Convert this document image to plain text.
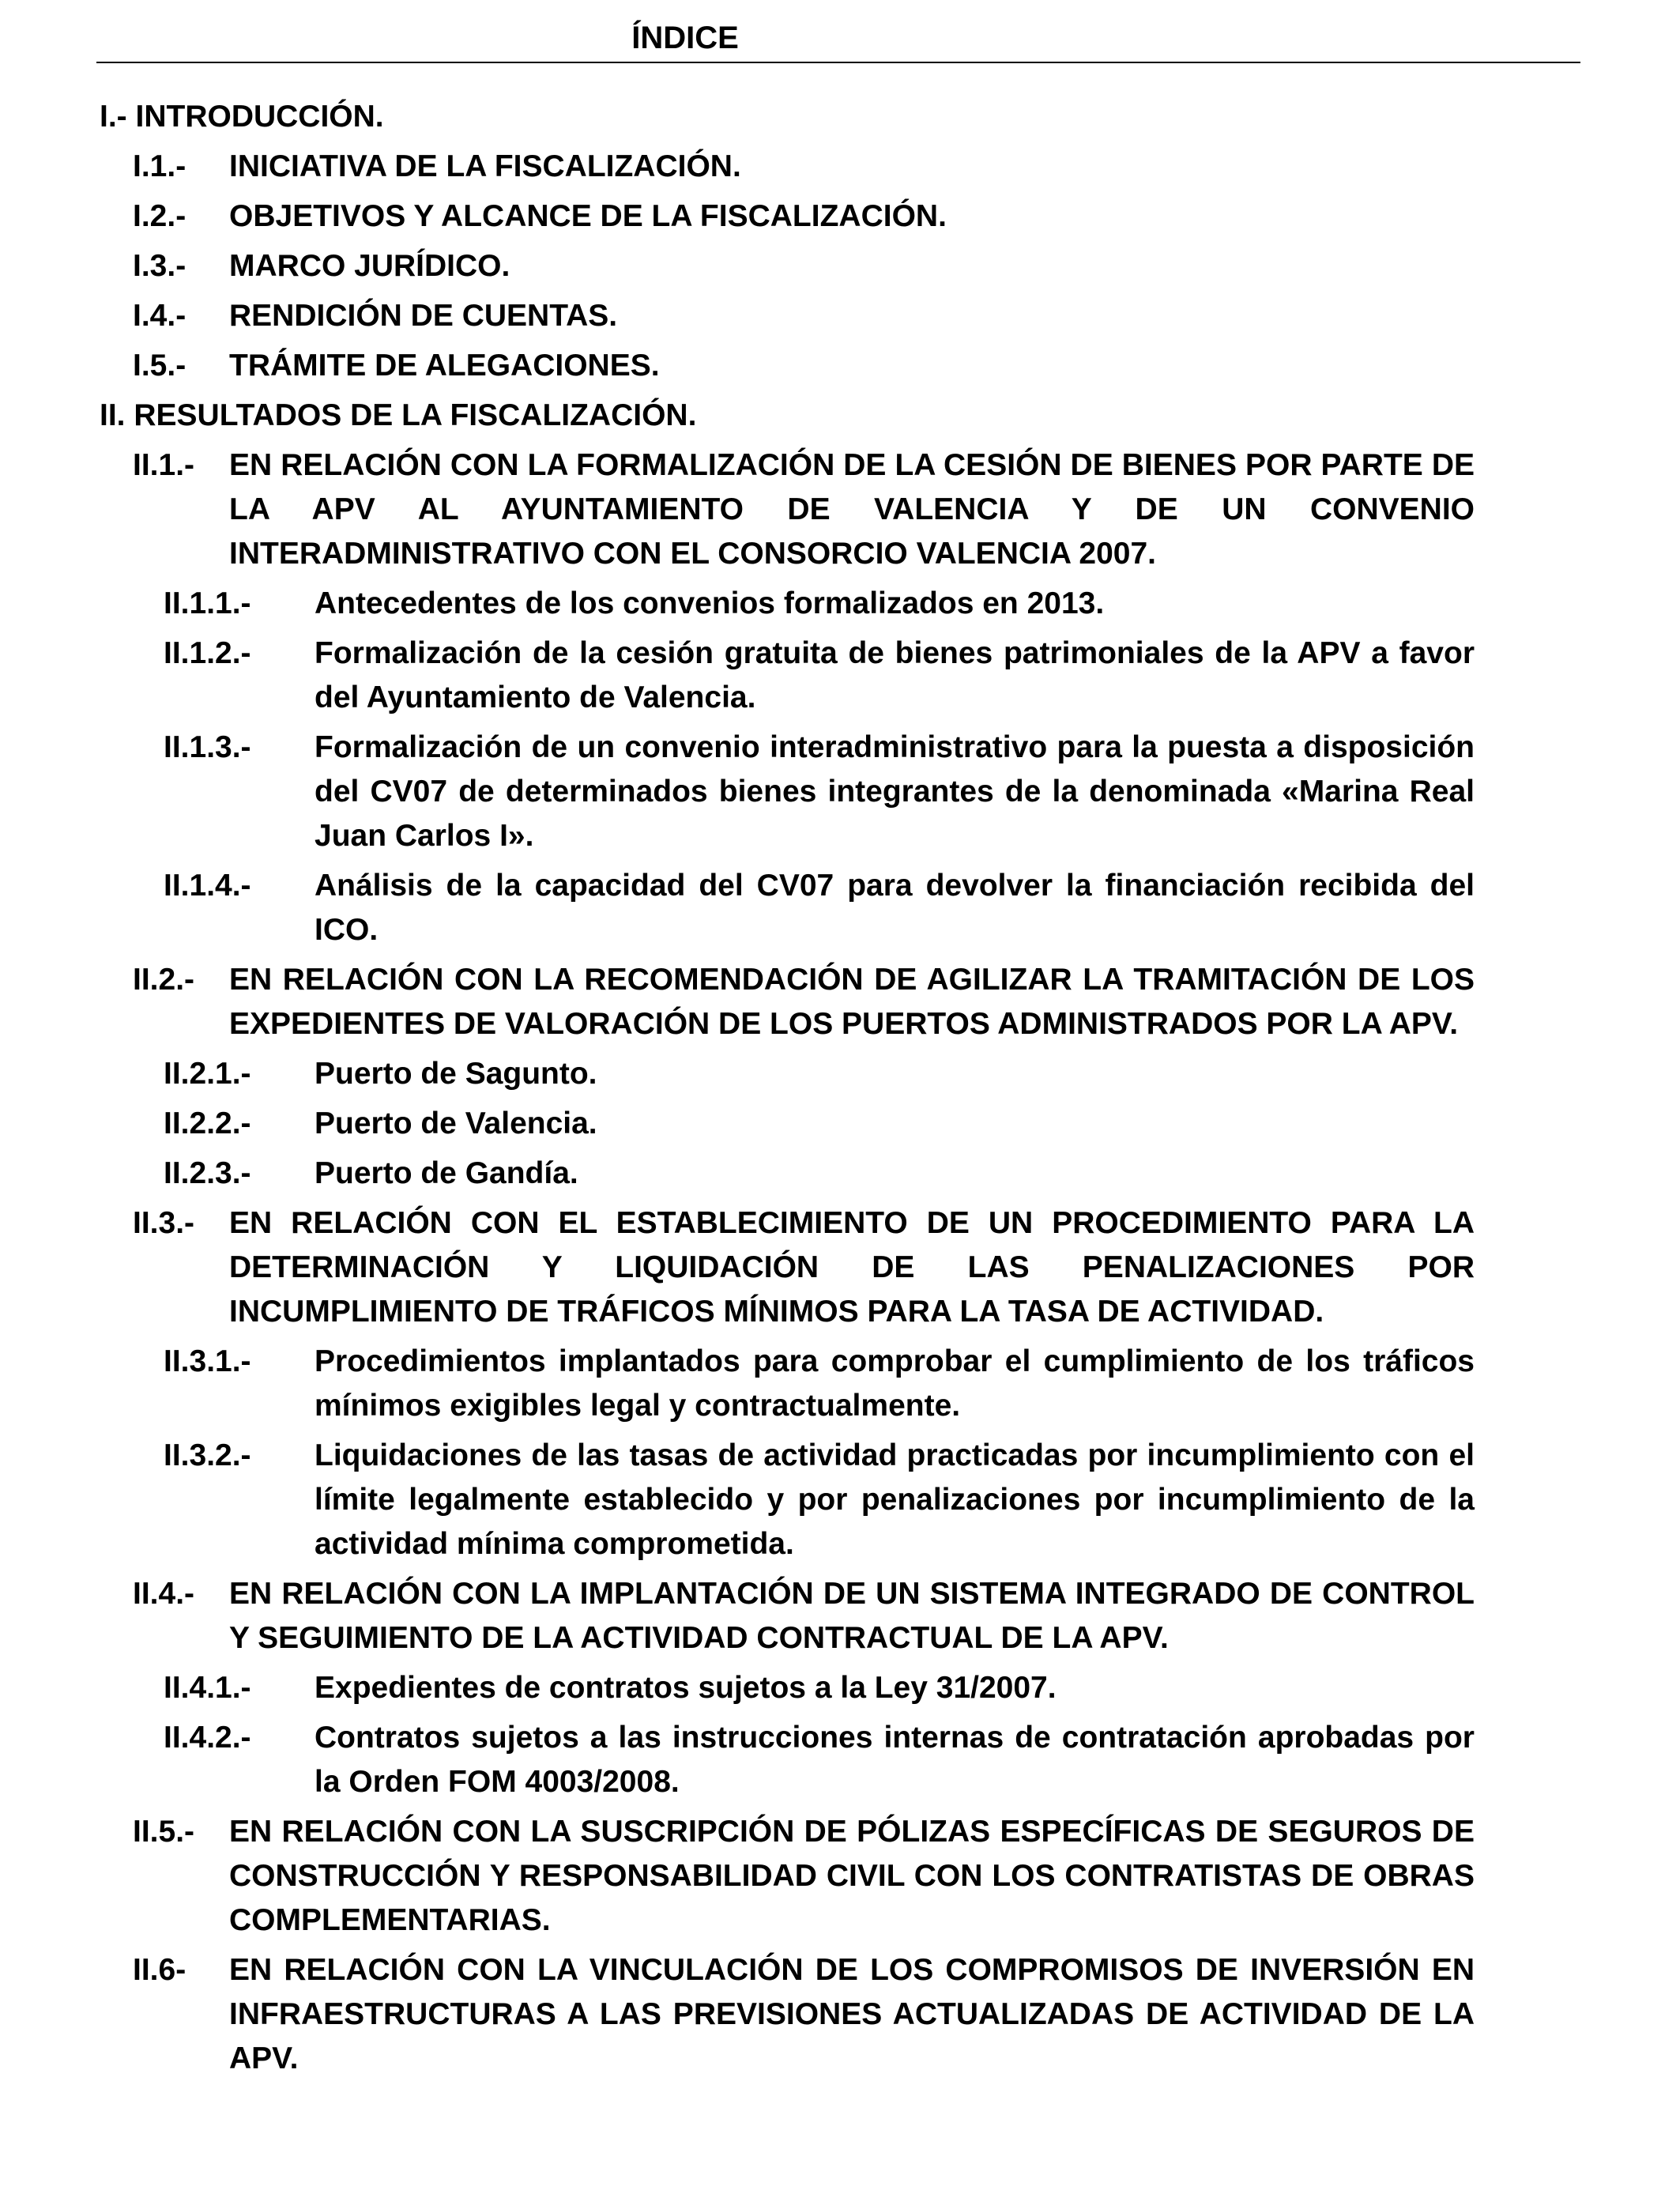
ÍNDICE
I.- INTRODUCCIÓN.
I.1.- INICIATIVA DE LA FISCALIZACIÓN.
I.2.- OBJETIVOS Y ALCANCE DE LA FISCALIZACIÓN.
I.3.- MARCO JURÍDICO.
I.4.- RENDICIÓN DE CUENTAS.
I.5.- TRÁMITE DE ALEGACIONES.
II. RESULTADOS DE LA FISCALIZACIÓN.
II.1.- EN RELACIÓN CON LA FORMALIZACIÓN DE LA CESIÓN DE BIENES POR PARTE DE LA APV AL AYUNTAMIENTO DE VALENCIA Y DE UN CONVENIO INTERADMINISTRATIVO CON EL CONSORCIO VALENCIA 2007.
II.1.1.- Antecedentes de los convenios formalizados en 2013.
II.1.2.- Formalización de la cesión gratuita de bienes patrimoniales de la APV a favor del Ayuntamiento de Valencia.
II.1.3.- Formalización de un convenio interadministrativo para la puesta a disposición del CV07 de determinados bienes integrantes de la denominada «Marina Real Juan Carlos I».
II.1.4.- Análisis de la capacidad del CV07 para devolver la financiación recibida del ICO.
II.2.- EN RELACIÓN CON LA RECOMENDACIÓN DE AGILIZAR LA TRAMITACIÓN DE LOS EXPEDIENTES DE VALORACIÓN DE LOS PUERTOS ADMINISTRADOS POR LA APV.
II.2.1.- Puerto de Sagunto.
II.2.2.- Puerto de Valencia.
II.2.3.- Puerto de Gandía.
II.3.- EN RELACIÓN CON EL ESTABLECIMIENTO DE UN PROCEDIMIENTO PARA LA DETERMINACIÓN Y LIQUIDACIÓN DE LAS PENALIZACIONES POR INCUMPLIMIENTO DE TRÁFICOS MÍNIMOS PARA LA TASA DE ACTIVIDAD.
II.3.1.- Procedimientos implantados para comprobar el cumplimiento de los tráficos mínimos exigibles legal y contractualmente.
II.3.2.- Liquidaciones de las tasas de actividad practicadas por incumplimiento con el límite legalmente establecido y por penalizaciones por incumplimiento de la actividad mínima comprometida.
II.4.- EN RELACIÓN CON LA IMPLANTACIÓN DE UN SISTEMA INTEGRADO DE CONTROL Y SEGUIMIENTO DE LA ACTIVIDAD CONTRACTUAL DE LA APV.
II.4.1.- Expedientes de contratos sujetos a la Ley 31/2007.
II.4.2.- Contratos sujetos a las instrucciones internas de contratación aprobadas por la Orden FOM 4003/2008.
II.5.- EN RELACIÓN CON LA SUSCRIPCIÓN DE PÓLIZAS ESPECÍFICAS DE SEGUROS DE CONSTRUCCIÓN Y RESPONSABILIDAD CIVIL CON LOS CONTRATISTAS DE OBRAS COMPLEMENTARIAS.
II.6- EN RELACIÓN CON LA VINCULACIÓN DE LOS COMPROMISOS DE INVERSIÓN EN INFRAESTRUCTURAS A LAS PREVISIONES ACTUALIZADAS DE ACTIVIDAD DE LA APV.
